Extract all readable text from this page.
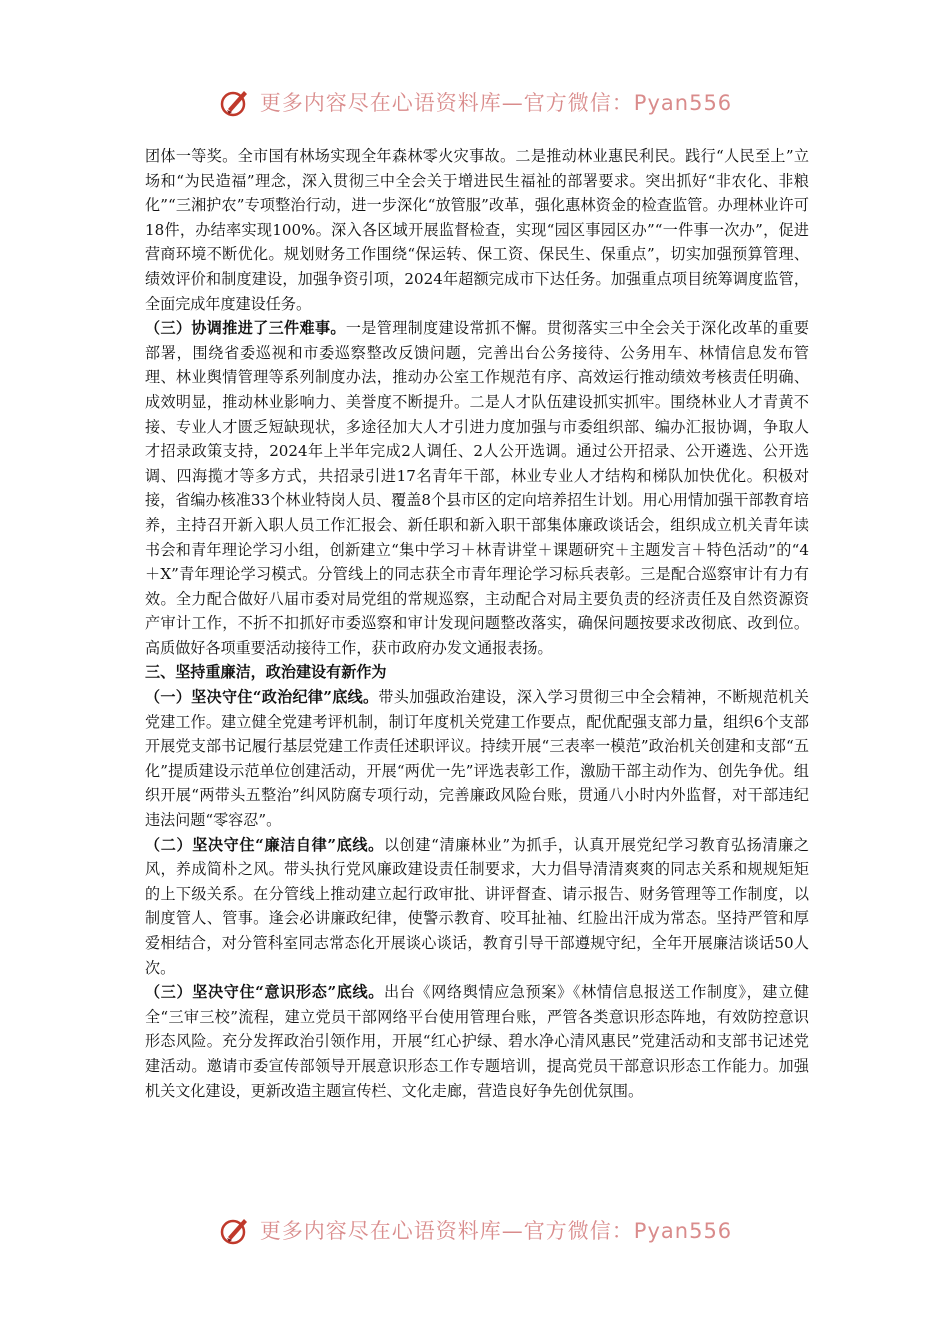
更多内容尽在心语资料库—官方微信：Pyan556

团体一等奖。全市国有林场实现全年森林零火灾事故。二是推动林业惠民利民。践行“人民至上”立场和“为民造福”理念，深入贯彻三中全会关于增进民生福祉的部署要求。突出抓好“非农化、非粮化”“三湘护农”专项整治行动，进一步深化“放管服”改革，强化惠林资金的检查监管。办理林业许可18件，办结率实现100%。深入各区域开展监督检查，实现“园区事园区办”“一件事一次办”，促进营商环境不断优化。规划财务工作围绕“保运转、保工资、保民生、保重点”，切实加强预算管理、绩效评价和制度建设，加强争资引项，2024年超额完成市下达任务。加强重点项目统筹调度监管，全面完成年度建设任务。

（三）协调推进了三件难事。一是管理制度建设常抓不懈。贯彻落实三中全会关于深化改革的重要部署，围绕省委巡视和市委巡察整改反馈问题，完善出台公务接待、公务用车、林情信息发布管理、林业舆情管理等系列制度办法，推动办公室工作规范有序、高效运行推动绩效考核责任明确、成效明显，推动林业影响力、美誉度不断提升。二是人才队伍建设抓实抓牢。围绕林业人才青黄不接、专业人才匮乏短缺现状，多途径加大人才引进力度加强与市委组织部、编办汇报协调，争取人才招录政策支持，2024年上半年完成2人调任、2人公开选调。通过公开招录、公开遴选、公开选调、四海揽才等多方式，共招录引进17名青年干部，林业专业人才结构和梯队加快优化。积极对接，省编办核准33个林业特岗人员、覆盖8个县市区的定向培养招生计划。用心用情加强干部教育培养，主持召开新入职人员工作汇报会、新任职和新入职干部集体廉政谈话会，组织成立机关青年读书会和青年理论学习小组，创新建立“集中学习＋林青讲堂＋课题研究＋主题发言＋特色活动”的“4＋X”青年理论学习模式。分管线上的同志获全市青年理论学习标兵表彰。三是配合巡察审计有力有效。全力配合做好八届市委对局党组的常规巡察，主动配合对局主要负责的经济责任及自然资源资产审计工作，不折不扣抓好市委巡察和审计发现问题整改落实，确保问题按要求改彻底、改到位。高质做好各项重要活动接待工作，获市政府办发文通报表扬。

三、坚持重廉洁，政治建设有新作为

（一）坚决守住“政治纪律”底线。带头加强政治建设，深入学习贯彻三中全会精神，不断规范机关党建工作。建立健全党建考评机制，制订年度机关党建工作要点，配优配强支部力量，组织6个支部开展党支部书记履行基层党建工作责任述职评议。持续开展“三表率一模范”政治机关创建和支部“五化”提质建设示范单位创建活动，开展“两优一先”评选表彰工作，激励干部主动作为、创先争优。组织开展“两带头五整治”纠风防腐专项行动，完善廉政风险台账，贯通八小时内外监督，对干部违纪违法问题“零容忍”。

（二）坚决守住“廉洁自律”底线。以创建“清廉林业”为抓手，认真开展党纪学习教育弘扬清廉之风，养成简朴之风。带头执行党风廉政建设责任制要求，大力倡导清清爽爽的同志关系和规规矩矩的上下级关系。在分管线上推动建立起行政审批、讲评督查、请示报告、财务管理等工作制度，以制度管人、管事。逢会必讲廉政纪律，使警示教育、咬耳扯袖、红脸出汗成为常态。坚持严管和厚爱相结合，对分管科室同志常态化开展谈心谈话，教育引导干部遵规守纪，全年开展廉洁谈话50人次。

（三）坚决守住“意识形态”底线。出台《网络舆情应急预案》《林情信息报送工作制度》，建立健全“三审三校”流程，建立党员干部网络平台使用管理台账，严管各类意识形态阵地，有效防控意识形态风险。充分发挥政治引领作用，开展“红心护绿、碧水净心清风惠民”党建活动和支部书记述党建活动。邀请市委宣传部领导开展意识形态工作专题培训，提高党员干部意识形态工作能力。加强机关文化建设，更新改造主题宣传栏、文化走廊，营造良好争先创优氛围。

更多内容尽在心语资料库—官方微信：Pyan556
